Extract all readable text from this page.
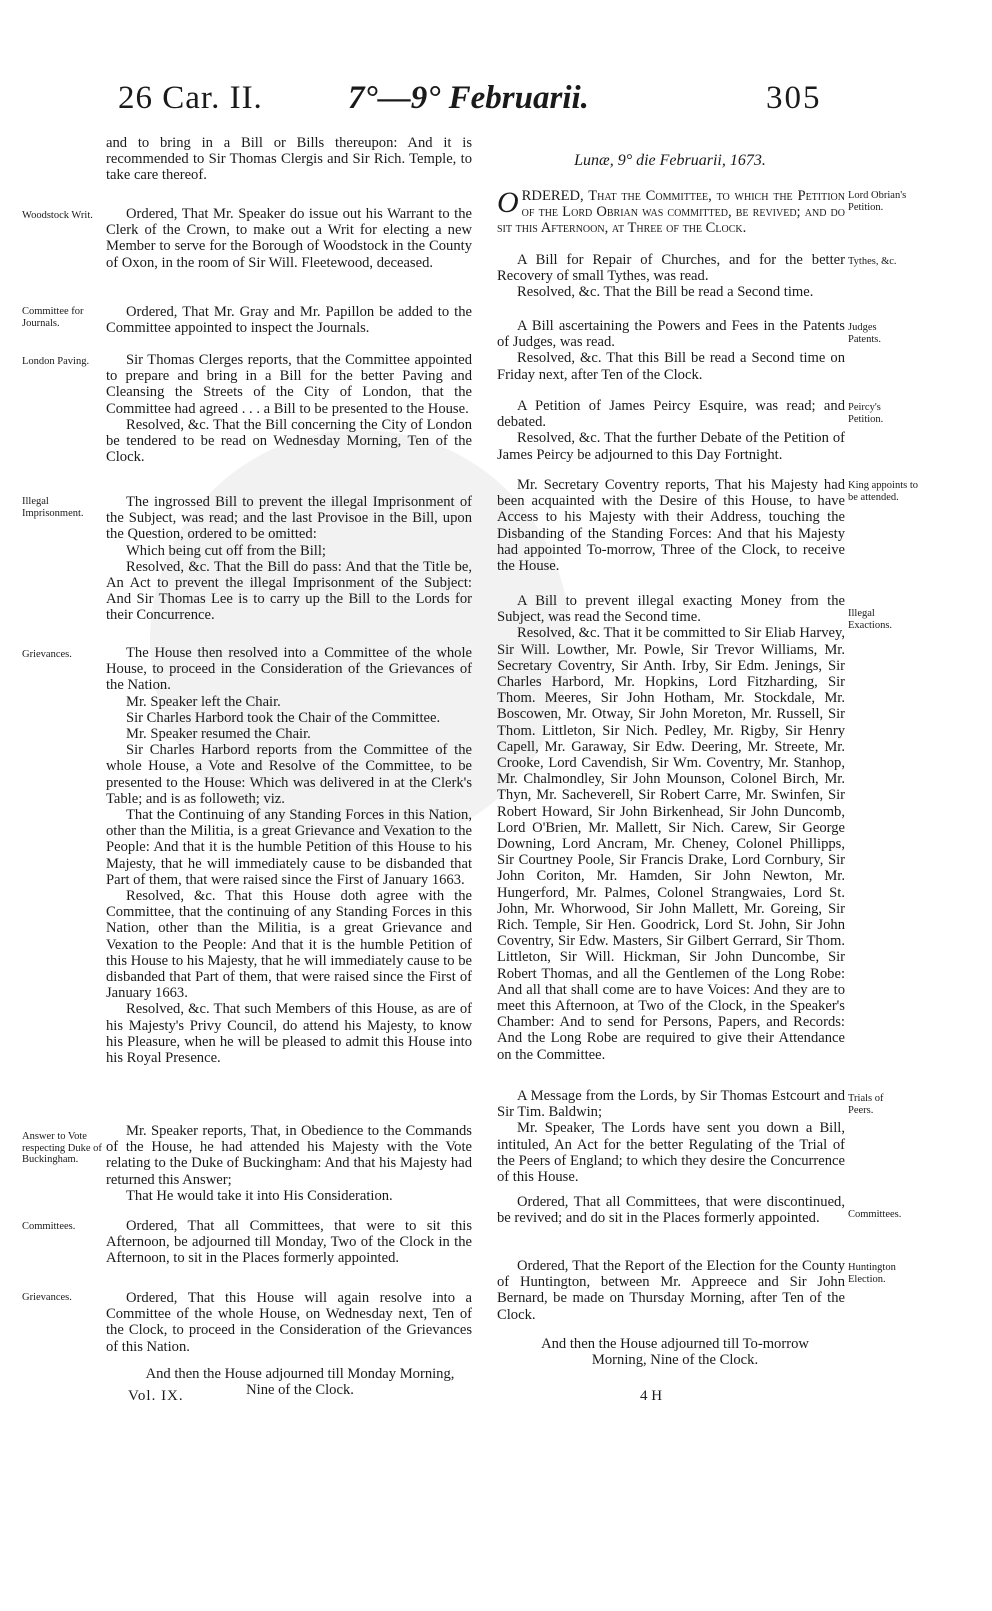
26 Car. II.	7°—9° Februarii.	305

and to bring in a Bill or Bills thereupon: And it is recommended to Sir Thomas Clergis and Sir Rich. Temple, to take care thereof.

Woodstock Writ.	Ordered, That Mr. Speaker do issue out his Warrant to the Clerk of the Crown, to make out a Writ for electing a new Member to serve for the Borough of Woodstock in the County of Oxon, in the room of Sir Will. Fleetewood, deceased.

Committee for Journals.

Ordered, That Mr. Gray and Mr. Papillon be added to the Committee appointed to inspect the Journals.

London Paving.	Sir Thomas Clerges reports, that the Committee appointed to prepare and bring in a Bill for the better Paving and Cleansing the Streets of the City of London, that the Committee had agreed . . . a Bill to be presented to the House.

Resolved, &c. That the Bill concerning the City of London be tendered to be read on Wednesday Morning, Ten of the Clock.

Illegal Imprisonment.

The ingrossed Bill to prevent the illegal Imprisonment of the Subject, was read; and the last Provisoe in the Bill, upon the Question, ordered to be omitted:

Which being cut off from the Bill;

Resolved, &c. That the Bill do pass: And that the Title be, An Act to prevent the illegal Imprisonment of the Subject: And Sir Thomas Lee is to carry up the Bill to the Lords for their Concurrence.

Grievances.	The House then resolved into a Committee of the whole House, to proceed in the Consideration of the Grievances of the Nation.

Mr. Speaker left the Chair.

Sir Charles Harbord took the Chair of the Committee.

Mr. Speaker resumed the Chair.

Sir Charles Harbord reports from the Committee of the whole House, a Vote and Resolve of the Committee, to be presented to the House: Which was delivered in at the Clerk's Table; and is as followeth; viz.

That the Continuing of any Standing Forces in this Nation, other than the Militia, is a great Grievance and Vexation to the People: And that it is the humble Petition of this House to his Majesty, that he will immediately cause to be disbanded that Part of them, that were raised since the First of January 1663.

Resolved, &c. That this House doth agree with the Committee, that the continuing of any Standing Forces in this Nation, other than the Militia, is a great Grievance and Vexation to the People: And that it is the humble Petition of this House to his Majesty, that he will immediately cause to be disbanded that Part of them, that were raised since the First of January 1663.

Resolved, &c. That such Members of this House, as are of his Majesty's Privy Council, do attend his Majesty, to know his Pleasure, when he will be pleased to admit this House into his Royal Presence.

Answer to Vote respecting Duke of Buckingham.

Mr. Speaker reports, That, in Obedience to the Commands of the House, he had attended his Majesty with the Vote relating to the Duke of Buckingham: And that his Majesty had returned this Answer;

That He would take it into His Consideration.

Committees.	Ordered, That all Committees, that were to sit this Afternoon, be adjourned till Monday, Two of the Clock in the Afternoon, to sit in the Places formerly appointed.

Grievances.	Ordered, That this House will again resolve into a Committee of the whole House, on Wednesday next, Ten of the Clock, to proceed in the Consideration of the Grievances of this Nation.

And then the House adjourned till Monday Morning, Nine of the Clock.

Lunæ, 9° die Februarii, 1673.
Lord Obrian's Petition.

ORDERED, That the Committee, to which the Petition of the Lord Obrian was committed, be revived; and do sit this Afternoon, at Three of the Clock.

Tythes, &c.

A Bill for Repair of Churches, and for the better Recovery of small Tythes, was read.

Resolved, &c. That the Bill be read a Second time.

Judges Patents.

A Bill ascertaining the Powers and Fees in the Patents of Judges, was read.

Resolved, &c. That this Bill be read a Second time on Friday next, after Ten of the Clock.

Peircy's Petition.

A Petition of James Peircy Esquire, was read; and debated.

Resolved, &c. That the further Debate of the Petition of James Peircy be adjourned to this Day Fortnight.

King appoints to be attended.

Mr. Secretary Coventry reports, That his Majesty had been acquainted with the Desire of this House, to have Access to his Majesty with their Address, touching the Disbanding of the Standing Forces: And that his Majesty had appointed To-morrow, Three of the Clock, to receive the House.

Illegal Exactions.

A Bill to prevent illegal exacting Money from the Subject, was read the Second time.

Resolved, &c. That it be committed to Sir Eliab Harvey, Sir Will. Lowther, Mr. Powle, Sir Trevor Williams, Mr. Secretary Coventry, Sir Anth. Irby, Sir Edm. Jenings, Sir Charles Harbord, Mr. Hopkins, Lord Fitzharding, Sir Thom. Meeres, Sir John Hotham, Mr. Stockdale, Mr. Boscowen, Mr. Otway, Sir John Moreton, Mr. Russell, Sir Thom. Littleton, Sir Nich. Pedley, Mr. Rigby, Sir Henry Capell, Mr. Garaway, Sir Edw. Deering, Mr. Streete, Mr. Crooke, Lord Cavendish, Sir Wm. Coventry, Mr. Stanhop, Mr. Chalmondley, Sir John Mounson, Colonel Birch, Mr. Thyn, Mr. Sacheverell, Sir Robert Carre, Mr. Swinfen, Sir Robert Howard, Sir John Birkenhead, Sir John Duncomb, Lord O'Brien, Mr. Mallett, Sir Nich. Carew, Sir George Downing, Lord Ancram, Mr. Cheney, Colonel Phillipps, Sir Courtney Poole, Sir Francis Drake, Lord Cornbury, Sir John Coriton, Mr. Hamden, Sir John Newton, Mr. Hungerford, Mr. Palmes, Colonel Strangwaies, Lord St. John, Mr. Whorwood, Sir John Mallett, Mr. Goreing, Sir Rich. Temple, Sir Hen. Goodrick, Lord St. John, Sir John Coventry, Sir Edw. Masters, Sir Gilbert Gerrard, Sir Thom. Littleton, Sir Will. Hickman, Sir John Duncombe, Sir Robert Thomas, and all the Gentlemen of the Long Robe: And all that shall come are to have Voices: And they are to meet this Afternoon, at Two of the Clock, in the Speaker's Chamber: And to send for Persons, Papers, and Records: And the Long Robe are required to give their Attendance on the Committee.

Trials of Peers.

A Message from the Lords, by Sir Thomas Estcourt and Sir Tim. Baldwin;

Mr. Speaker, The Lords have sent you down a Bill, intituled, An Act for the better Regulating of the Trial of the Peers of England; to which they desire the Concurrence of this House.

Committees.

Ordered, That all Committees, that were discontinued, be revived; and do sit in the Places formerly appointed.

Huntington Election.

Ordered, That the Report of the Election for the County of Huntington, between Mr. Appreece and Sir John Bernard, be made on Thursday Morning, after Ten of the Clock.

And then the House adjourned till To-morrow Morning, Nine of the Clock.

Vol. IX.	4 H
